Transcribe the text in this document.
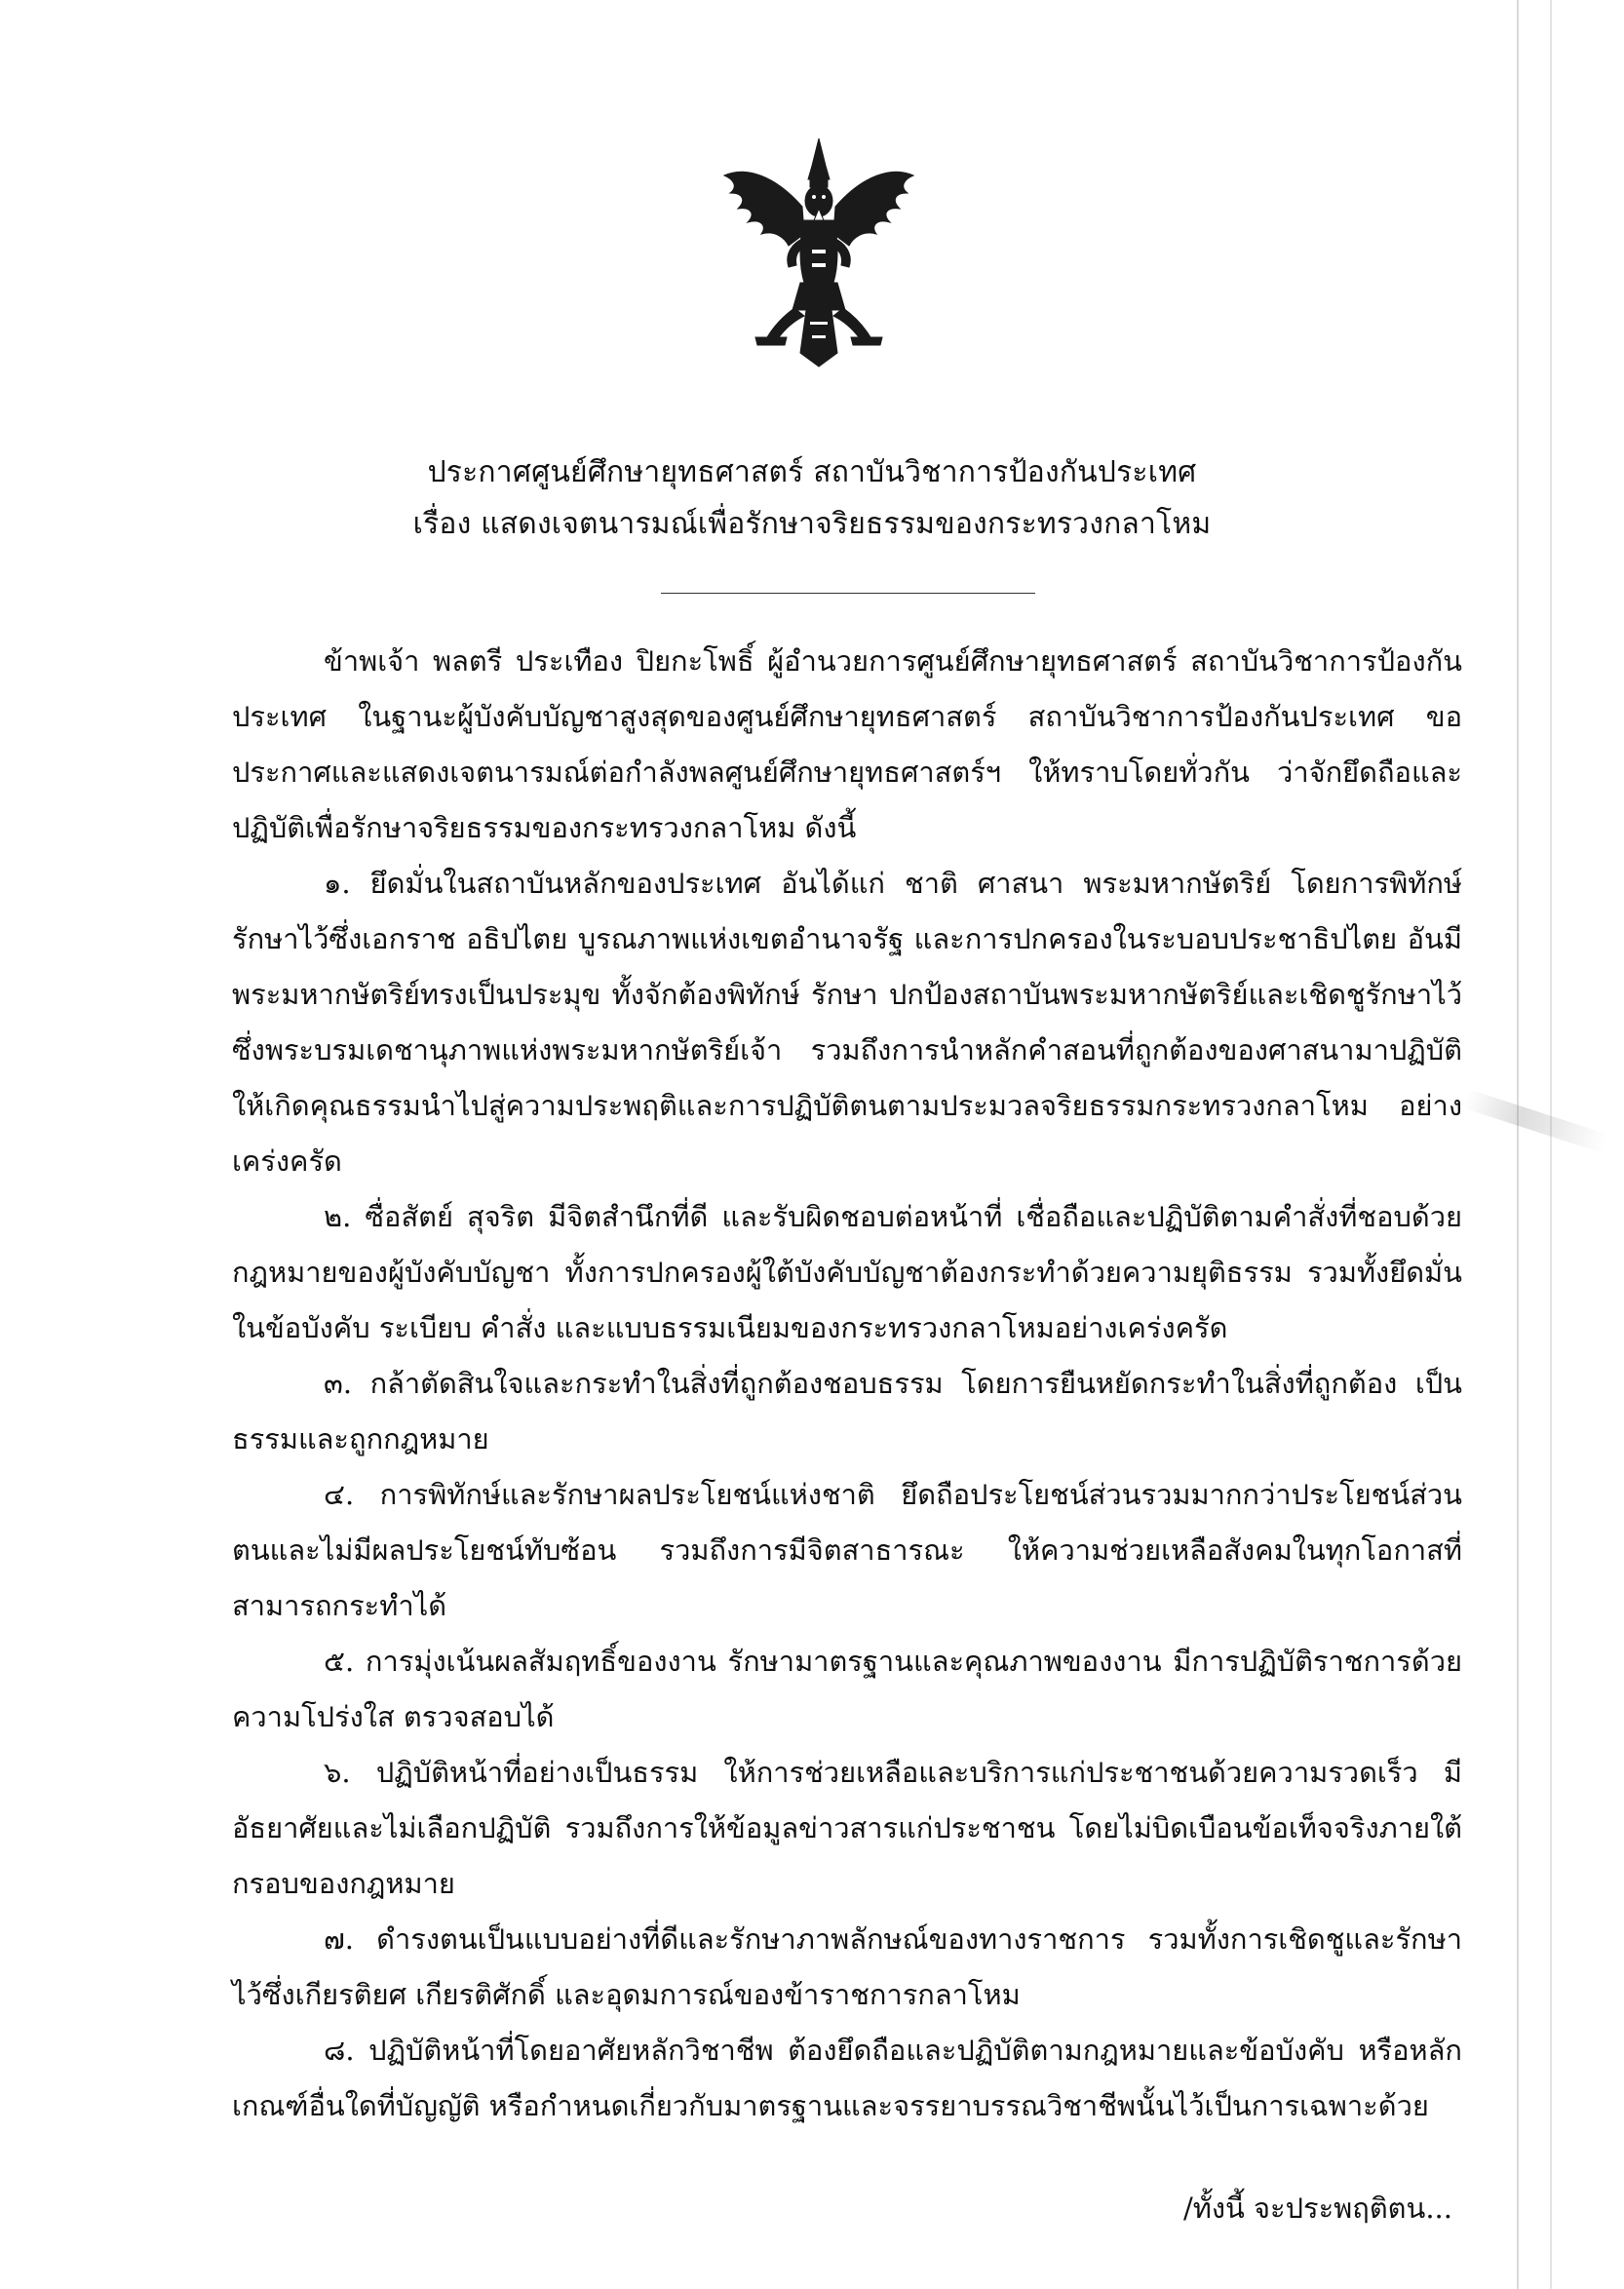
ประกาศศูนย์ศึกษายุทธศาสตร์ สถาบันวิชาการป้องกันประเทศ
เรื่อง แสดงเจตนารมณ์เพื่อรักษาจริยธรรมของกระทรวงกลาโหม

ข้าพเจ้า พลตรี ประเทือง ปิยกะโพธิ์ ผู้อำนวยการศูนย์ศึกษายุทธศาสตร์ สถาบันวิชาการป้องกันประเทศ ในฐานะผู้บังคับบัญชาสูงสุดของศูนย์ศึกษายุทธศาสตร์ สถาบันวิชาการป้องกันประเทศ ขอประกาศและแสดงเจตนารมณ์ต่อกำลังพลศูนย์ศึกษายุทธศาสตร์ฯ ให้ทราบโดยทั่วกัน ว่าจักยึดถือและปฏิบัติเพื่อรักษาจริยธรรมของกระทรวงกลาโหม ดังนี้

๑. ยึดมั่นในสถาบันหลักของประเทศ อันได้แก่ ชาติ ศาสนา พระมหากษัตริย์ โดยการพิทักษ์รักษาไว้ซึ่งเอกราช อธิปไตย บูรณภาพแห่งเขตอำนาจรัฐ และการปกครองในระบอบประชาธิปไตย อันมีพระมหากษัตริย์ทรงเป็นประมุข ทั้งจักต้องพิทักษ์ รักษา ปกป้องสถาบันพระมหากษัตริย์และเชิดชูรักษาไว้ซึ่งพระบรมเดชานุภาพแห่งพระมหากษัตริย์เจ้า รวมถึงการนำหลักคำสอนที่ถูกต้องของศาสนามาปฏิบัติให้เกิดคุณธรรมนำไปสู่ความประพฤติและการปฏิบัติตนตามประมวลจริยธรรมกระทรวงกลาโหม อย่างเคร่งครัด

๒. ซื่อสัตย์ สุจริต มีจิตสำนึกที่ดี และรับผิดชอบต่อหน้าที่ เชื่อถือและปฏิบัติตามคำสั่งที่ชอบด้วยกฎหมายของผู้บังคับบัญชา ทั้งการปกครองผู้ใต้บังคับบัญชาต้องกระทำด้วยความยุติธรรม รวมทั้งยึดมั่นในข้อบังคับ ระเบียบ คำสั่ง และแบบธรรมเนียมของกระทรวงกลาโหมอย่างเคร่งครัด

๓. กล้าตัดสินใจและกระทำในสิ่งที่ถูกต้องชอบธรรม โดยการยืนหยัดกระทำในสิ่งที่ถูกต้อง เป็นธรรมและถูกกฎหมาย

๔. การพิทักษ์และรักษาผลประโยชน์แห่งชาติ ยึดถือประโยชน์ส่วนรวมมากกว่าประโยชน์ส่วนตนและไม่มีผลประโยชน์ทับซ้อน รวมถึงการมีจิตสาธารณะ ให้ความช่วยเหลือสังคมในทุกโอกาสที่สามารถกระทำได้

๕. การมุ่งเน้นผลสัมฤทธิ์ของงาน รักษามาตรฐานและคุณภาพของงาน มีการปฏิบัติราชการด้วยความโปร่งใส ตรวจสอบได้

๖. ปฏิบัติหน้าที่อย่างเป็นธรรม ให้การช่วยเหลือและบริการแก่ประชาชนด้วยความรวดเร็ว มีอัธยาศัยและไม่เลือกปฏิบัติ รวมถึงการให้ข้อมูลข่าวสารแก่ประชาชน โดยไม่บิดเบือนข้อเท็จจริงภายใต้กรอบของกฎหมาย

๗. ดำรงตนเป็นแบบอย่างที่ดีและรักษาภาพลักษณ์ของทางราชการ รวมทั้งการเชิดชูและรักษาไว้ซึ่งเกียรติยศ เกียรติศักดิ์ และอุดมการณ์ของข้าราชการกลาโหม

๘. ปฏิบัติหน้าที่โดยอาศัยหลักวิชาชีพ ต้องยึดถือและปฏิบัติตามกฎหมายและข้อบังคับ หรือหลักเกณฑ์อื่นใดที่บัญญัติ หรือกำหนดเกี่ยวกับมาตรฐานและจรรยาบรรณวิชาชีพนั้นไว้เป็นการเฉพาะด้วย

/ทั้งนี้ จะประพฤติตน...
